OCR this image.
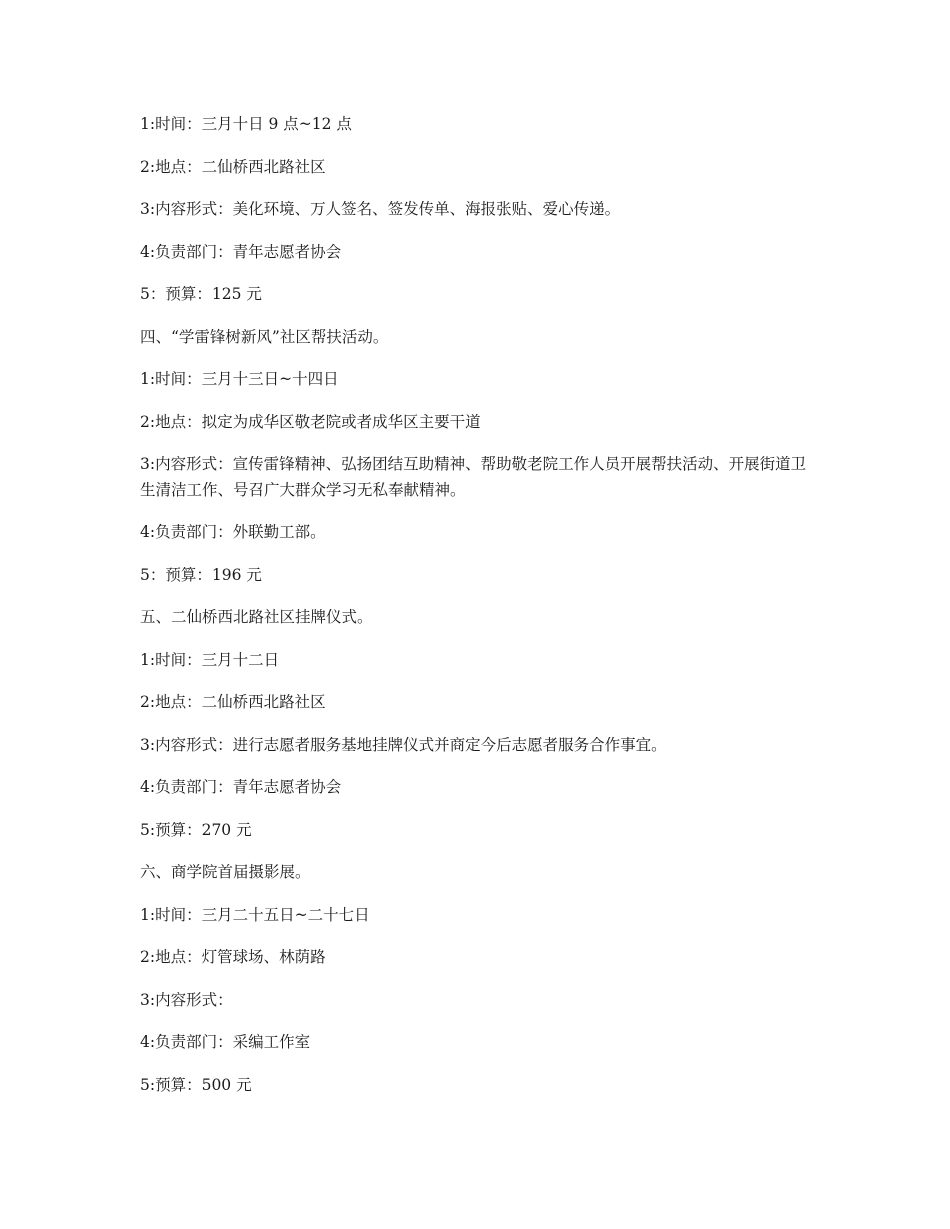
1:时间：三月十日 9 点~12 点

2:地点：二仙桥西北路社区

3:内容形式：美化环境、万人签名、签发传单、海报张贴、爱心传递。

4:负责部门：青年志愿者协会

5：预算：125 元

四、“学雷锋树新风”社区帮扶活动。

1:时间：三月十三日~十四日

2:地点：拟定为成华区敬老院或者成华区主要干道

3:内容形式：宣传雷锋精神、弘扬团结互助精神、帮助敬老院工作人员开展帮扶活动、开展街道卫生清洁工作、号召广大群众学习无私奉献精神。

4:负责部门：外联勤工部。

5：预算：196 元

五、二仙桥西北路社区挂牌仪式。

1:时间：三月十二日

2:地点：二仙桥西北路社区

3:内容形式：进行志愿者服务基地挂牌仪式并商定今后志愿者服务合作事宜。

4:负责部门：青年志愿者协会

5:预算：270 元

六、商学院首届摄影展。

1:时间：三月二十五日~二十七日

2:地点：灯管球场、林荫路

3:内容形式：

4:负责部门：采编工作室

5:预算：500 元
